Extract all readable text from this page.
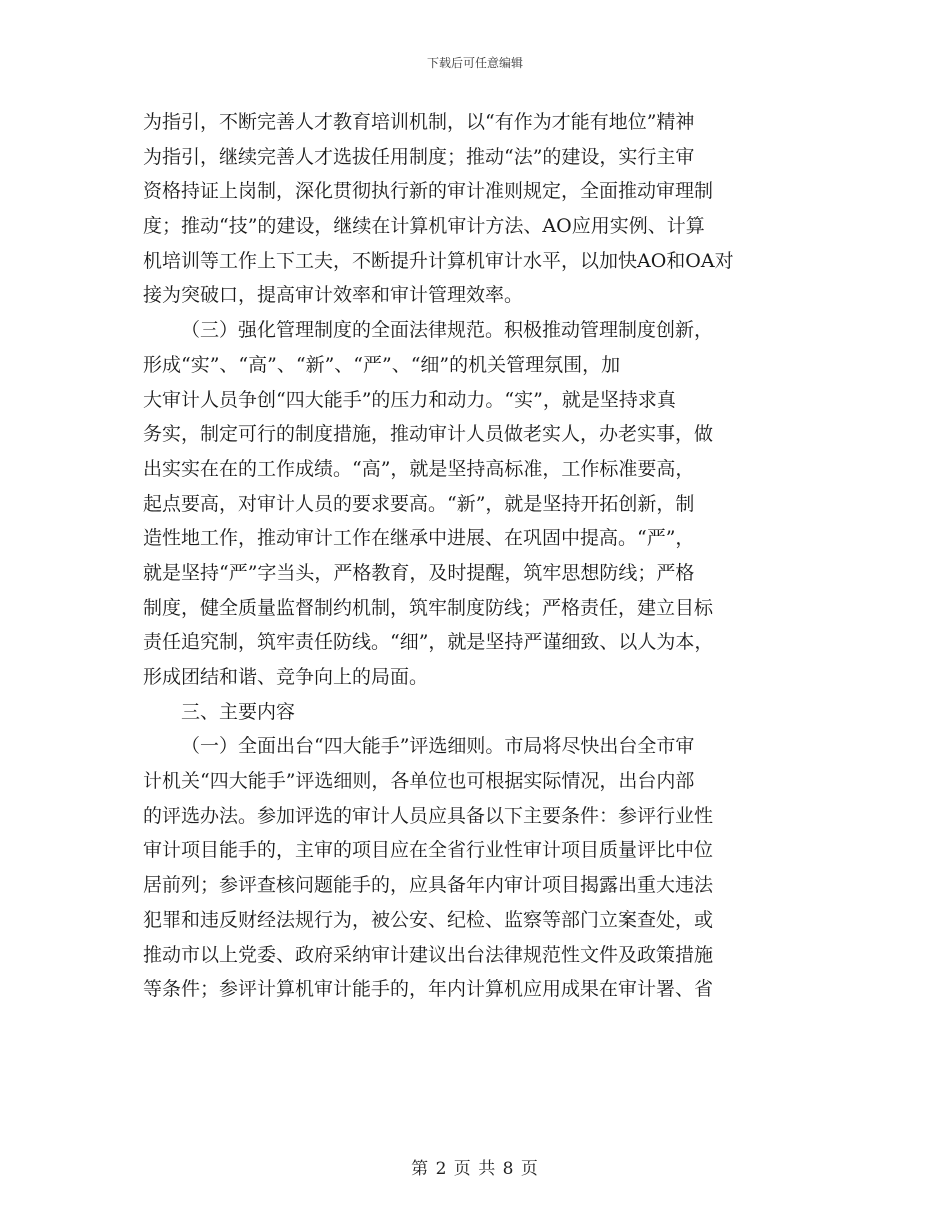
下载后可任意编辑
为指引，不断完善人才教育培训机制，以“有作为才能有地位”精神
为指引，继续完善人才选拔任用制度；推动“法”的建设，实行主审
资格持证上岗制，深化贯彻执行新的审计准则规定，全面推动审理制
度；推动“技”的建设，继续在计算机审计方法、AO应用实例、计算
机培训等工作上下工夫，不断提升计算机审计水平，以加快AO和OA对
接为突破口，提高审计效率和审计管理效率。
（三）强化管理制度的全面法律规范。积极推动管理制度创新，
形成“实”、“高”、“新”、“严”、“细”的机关管理氛围，加
大审计人员争创“四大能手”的压力和动力。“实”，就是坚持求真
务实，制定可行的制度措施，推动审计人员做老实人，办老实事，做
出实实在在的工作成绩。“高”，就是坚持高标准，工作标准要高，
起点要高，对审计人员的要求要高。“新”，就是坚持开拓创新，制
造性地工作，推动审计工作在继承中进展、在巩固中提高。“严”，
就是坚持“严”字当头，严格教育，及时提醒，筑牢思想防线；严格
制度，健全质量监督制约机制，筑牢制度防线；严格责任，建立目标
责任追究制，筑牢责任防线。“细”，就是坚持严谨细致、以人为本，
形成团结和谐、竞争向上的局面。
三、主要内容
（一）全面出台“四大能手”评选细则。市局将尽快出台全市审
计机关“四大能手”评选细则，各单位也可根据实际情况，出台内部
的评选办法。参加评选的审计人员应具备以下主要条件：参评行业性
审计项目能手的，主审的项目应在全省行业性审计项目质量评比中位
居前列；参评查核问题能手的，应具备年内审计项目揭露出重大违法
犯罪和违反财经法规行为，被公安、纪检、监察等部门立案查处，或
推动市以上党委、政府采纳审计建议出台法律规范性文件及政策措施
等条件；参评计算机审计能手的，年内计算机应用成果在审计署、省
第 2 页 共 8 页
